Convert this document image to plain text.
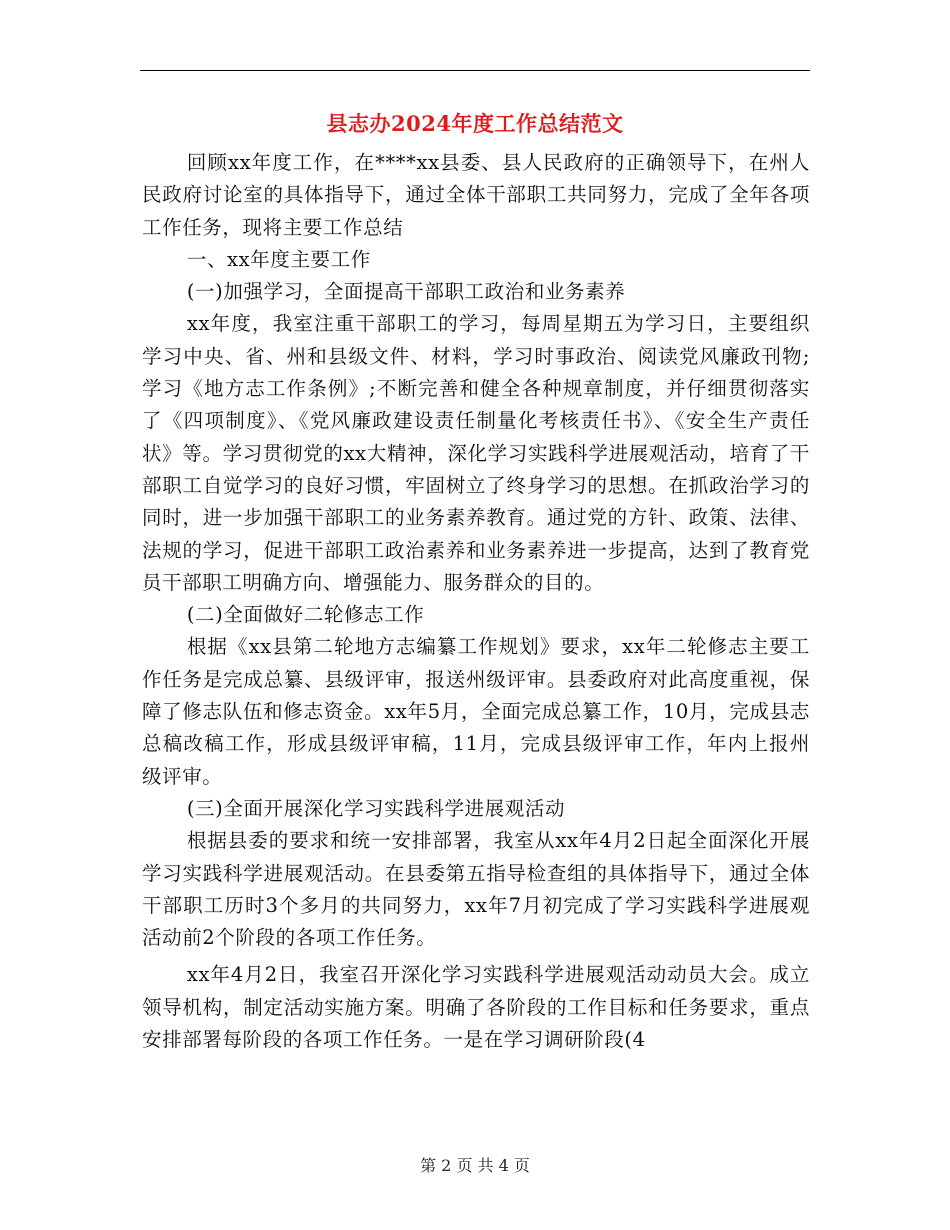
县志办2024年度工作总结范文

回顾xx年度工作，在****xx县委、县人民政府的正确领导下，在州人民政府讨论室的具体指导下，通过全体干部职工共同努力，完成了全年各项工作任务，现将主要工作总结

一、xx年度主要工作

(一)加强学习，全面提高干部职工政治和业务素养

xx年度，我室注重干部职工的学习，每周星期五为学习日，主要组织学习中央、省、州和县级文件、材料，学习时事政治、阅读党风廉政刊物;学习《地方志工作条例》;不断完善和健全各种规章制度，并仔细贯彻落实了《四项制度》、《党风廉政建设责任制量化考核责任书》、《安全生产责任状》等。学习贯彻党的xx大精神，深化学习实践科学进展观活动，培育了干部职工自觉学习的良好习惯，牢固树立了终身学习的思想。在抓政治学习的同时，进一步加强干部职工的业务素养教育。通过党的方针、政策、法律、法规的学习，促进干部职工政治素养和业务素养进一步提高，达到了教育党员干部职工明确方向、增强能力、服务群众的目的。

(二)全面做好二轮修志工作

根据《xx县第二轮地方志编纂工作规划》要求，xx年二轮修志主要工作任务是完成总纂、县级评审，报送州级评审。县委政府对此高度重视，保障了修志队伍和修志资金。xx年5月，全面完成总纂工作，10月，完成县志总稿改稿工作，形成县级评审稿，11月，完成县级评审工作，年内上报州级评审。

(三)全面开展深化学习实践科学进展观活动

根据县委的要求和统一安排部署，我室从xx年4月2日起全面深化开展学习实践科学进展观活动。在县委第五指导检查组的具体指导下，通过全体干部职工历时3个多月的共同努力，xx年7月初完成了学习实践科学进展观活动前2个阶段的各项工作任务。

xx年4月2日，我室召开深化学习实践科学进展观活动动员大会。成立领导机构，制定活动实施方案。明确了各阶段的工作目标和任务要求，重点安排部署每阶段的各项工作任务。一是在学习调研阶段(4

第 2 页 共 4 页
